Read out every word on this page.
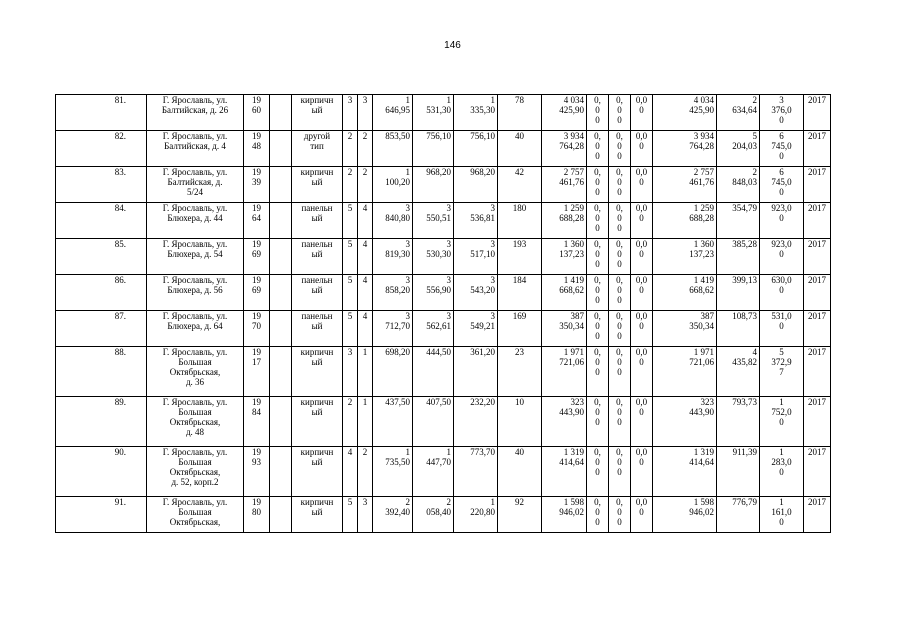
146
81.	Г. Ярославль, ул.
Балтийская, д. 26	19
60		кирпичн
ый	3	3	1
646,95	1
531,30	1
335,30	78	4 034
425,90	0,
0
0	0,
0
0	0,0
0	4 034
425,90	2
634,64	3
376,0
0	2017
82.	Г. Ярославль, ул.
Балтийская, д. 4	19
48		другой
тип	2	2	853,50	756,10	756,10	40	3 934
764,28	0,
0
0	0,
0
0	0,0
0	3 934
764,28	5
204,03	6
745,0
0	2017
83.	Г. Ярославль, ул.
Балтийская, д.
5/24	19
39		кирпичн
ый	2	2	1
100,20	968,20	968,20	42	2 757
461,76	0,
0
0	0,
0
0	0,0
0	2 757
461,76	2
848,03	6
745,0
0	2017
84.	Г. Ярославль, ул.
Блюхера, д. 44	19
64		панельн
ый	5	4	3
840,80	3
550,51	3
536,81	180	1 259
688,28	0,
0
0	0,
0
0	0,0
0	1 259
688,28	354,79	923,0
0	2017
85.	Г. Ярославль, ул.
Блюхера, д. 54	19
69		панельн
ый	5	4	3
819,30	3
530,30	3
517,10	193	1 360
137,23	0,
0
0	0,
0
0	0,0
0	1 360
137,23	385,28	923,0
0	2017
86.	Г. Ярославль, ул.
Блюхера, д. 56	19
69		панельн
ый	5	4	3
858,20	3
556,90	3
543,20	184	1 419
668,62	0,
0
0	0,
0
0	0,0
0	1 419
668,62	399,13	630,0
0	2017
87.	Г. Ярославль, ул.
Блюхера, д. 64	19
70		панельн
ый	5	4	3
712,70	3
562,61	3
549,21	169	387
350,34	0,
0
0	0,
0
0	0,0
0	387
350,34	108,73	531,0
0	2017
88.	Г. Ярославль, ул.
Большая
Октябрьская,
д. 36	19
17		кирпичн
ый	3	1	698,20	444,50	361,20	23	1 971
721,06	0,
0
0	0,
0
0	0,0
0	1 971
721,06	4
435,82	5
372,9
7	2017
89.	Г. Ярославль, ул.
Большая
Октябрьская,
д. 48	19
84		кирпичн
ый	2	1	437,50	407,50	232,20	10	323
443,90	0,
0
0	0,
0
0	0,0
0	323
443,90	793,73	1
752,0
0	2017
90.	Г. Ярославль, ул.
Большая
Октябрьская,
д. 52, корп.2	19
93		кирпичн
ый	4	2	1
735,50	1
447,70	773,70	40	1 319
414,64	0,
0
0	0,
0
0	0,0
0	1 319
414,64	911,39	1
283,0
0	2017
91.	Г. Ярославль, ул.
Большая
Октябрьская,	19
80		кирпичн
ый	5	3	2
392,40	2
058,40	1
220,80	92	1 598
946,02	0,
0
0	0,
0
0	0,0
0	1 598
946,02	776,79	1
161,0
0	2017
